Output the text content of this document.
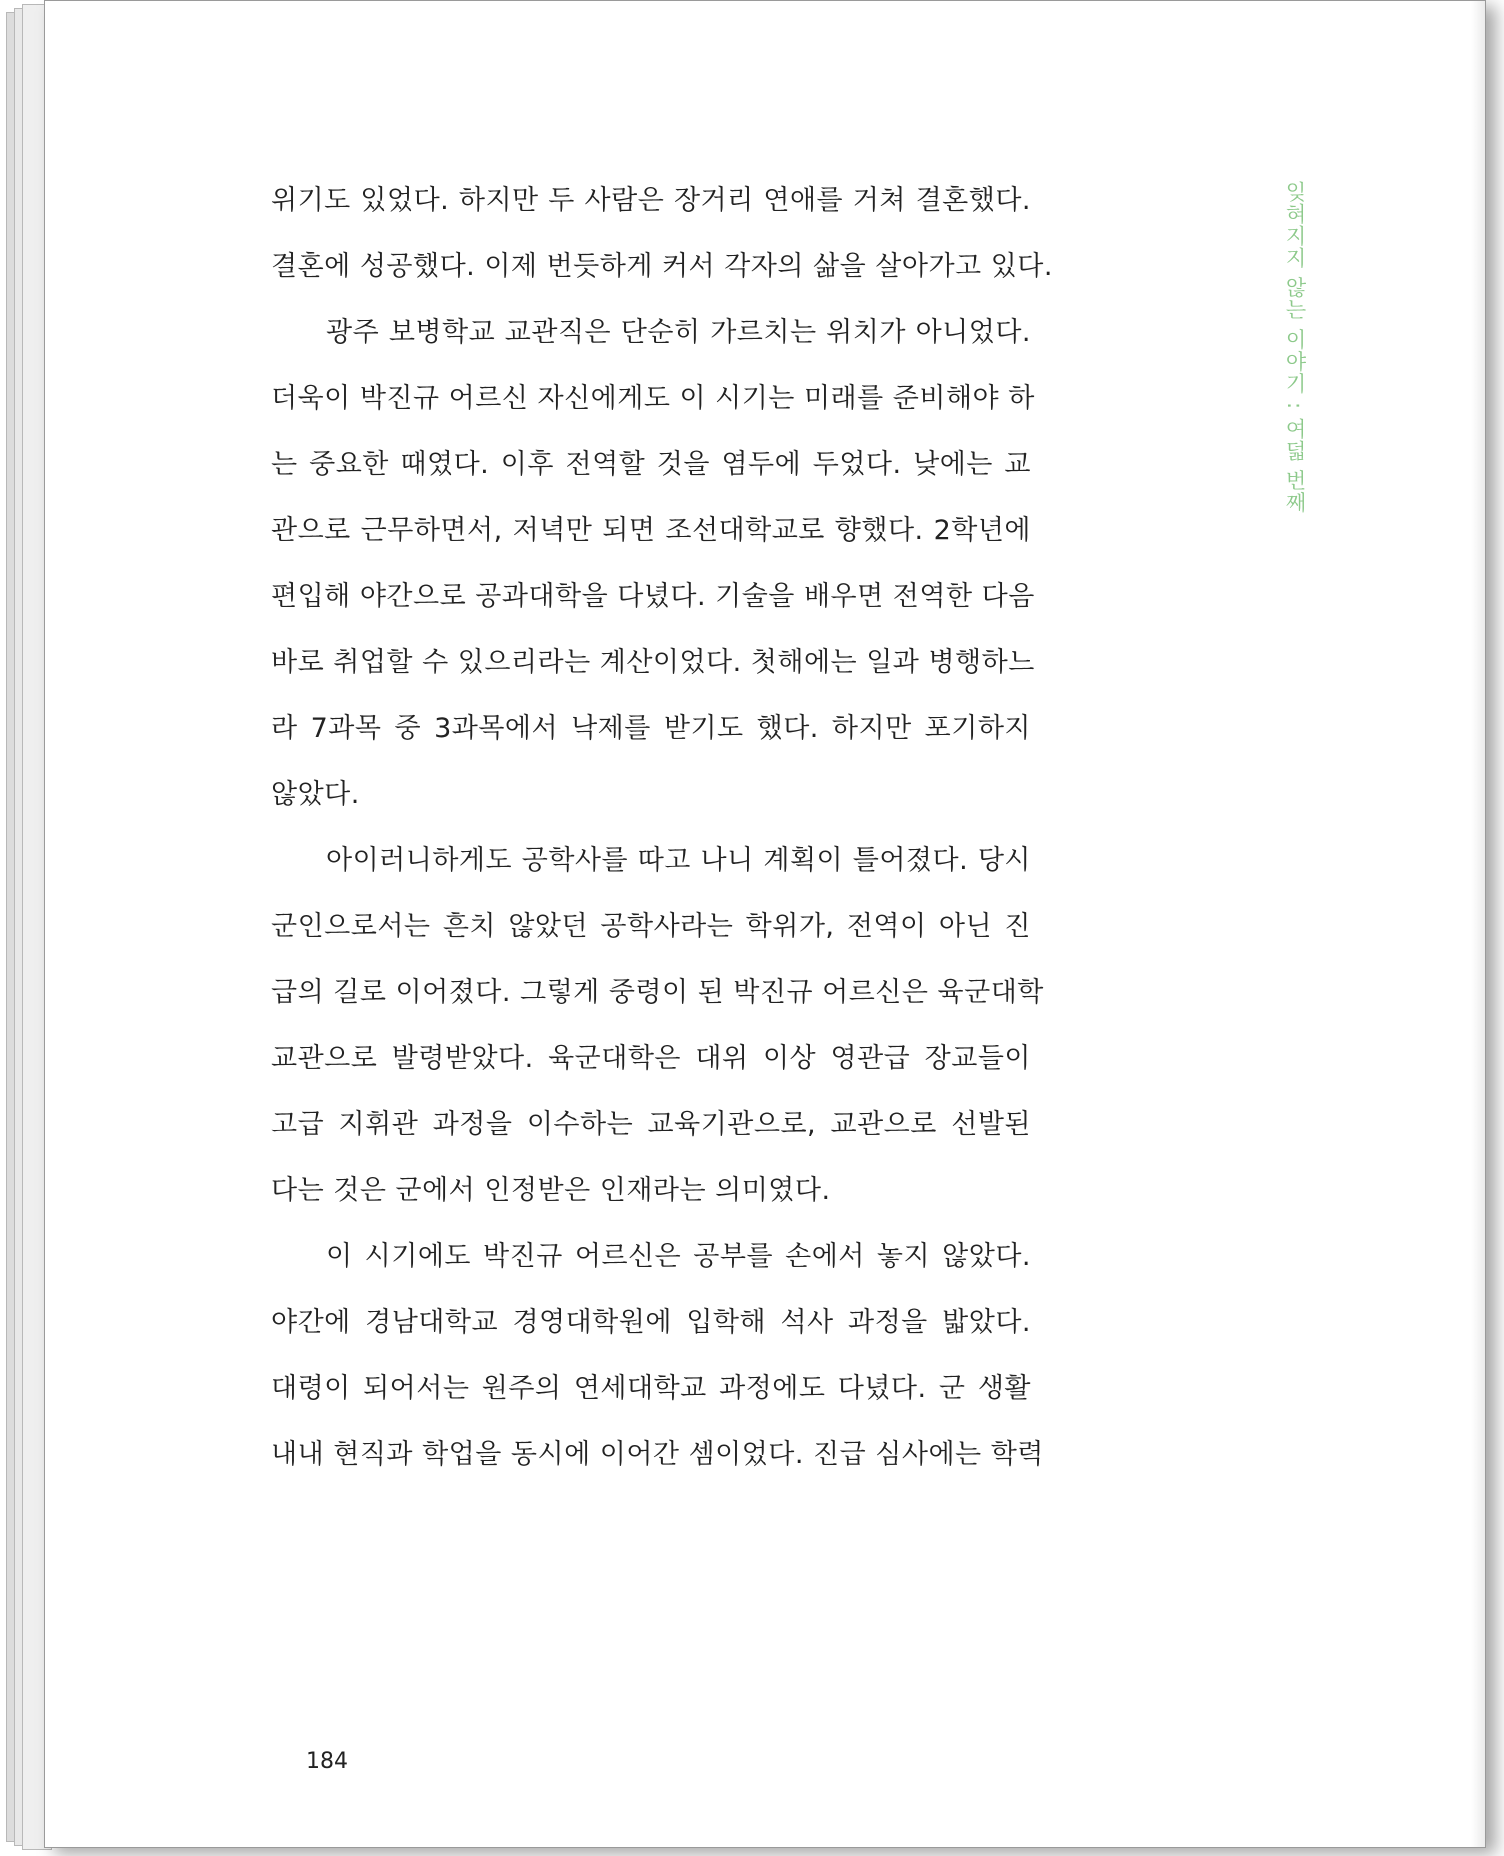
위기도 있었다. 하지만 두 사람은 장거리 연애를 거쳐 결혼했다.
결혼에 성공했다. 이제 번듯하게 커서 각자의 삶을 살아가고 있다.
광주 보병학교 교관직은 단순히 가르치는 위치가 아니었다.
더욱이 박진규 어르신 자신에게도 이 시기는 미래를 준비해야 하
는 중요한 때였다. 이후 전역할 것을 염두에 두었다. 낮에는 교
관으로 근무하면서, 저녁만 되면 조선대학교로 향했다. 2학년에
편입해 야간으로 공과대학을 다녔다. 기술을 배우면 전역한 다음
바로 취업할 수 있으리라는 계산이었다. 첫해에는 일과 병행하느
라 7과목 중 3과목에서 낙제를 받기도 했다. 하지만 포기하지
않았다.
아이러니하게도 공학사를 따고 나니 계획이 틀어졌다. 당시
군인으로서는 흔치 않았던 공학사라는 학위가, 전역이 아닌 진
급의 길로 이어졌다. 그렇게 중령이 된 박진규 어르신은 육군대학
교관으로 발령받았다. 육군대학은 대위 이상 영관급 장교들이
고급 지휘관 과정을 이수하는 교육기관으로, 교관으로 선발된
다는 것은 군에서 인정받은 인재라는 의미였다.
이 시기에도 박진규 어르신은 공부를 손에서 놓지 않았다.
야간에 경남대학교 경영대학원에 입학해 석사 과정을 밟았다.
대령이 되어서는 원주의 연세대학교 과정에도 다녔다. 군 생활
내내 현직과 학업을 동시에 이어간 셈이었다. 진급 심사에는 학력
잊혀지지 않는 이야기 : 여덟 번째
184
